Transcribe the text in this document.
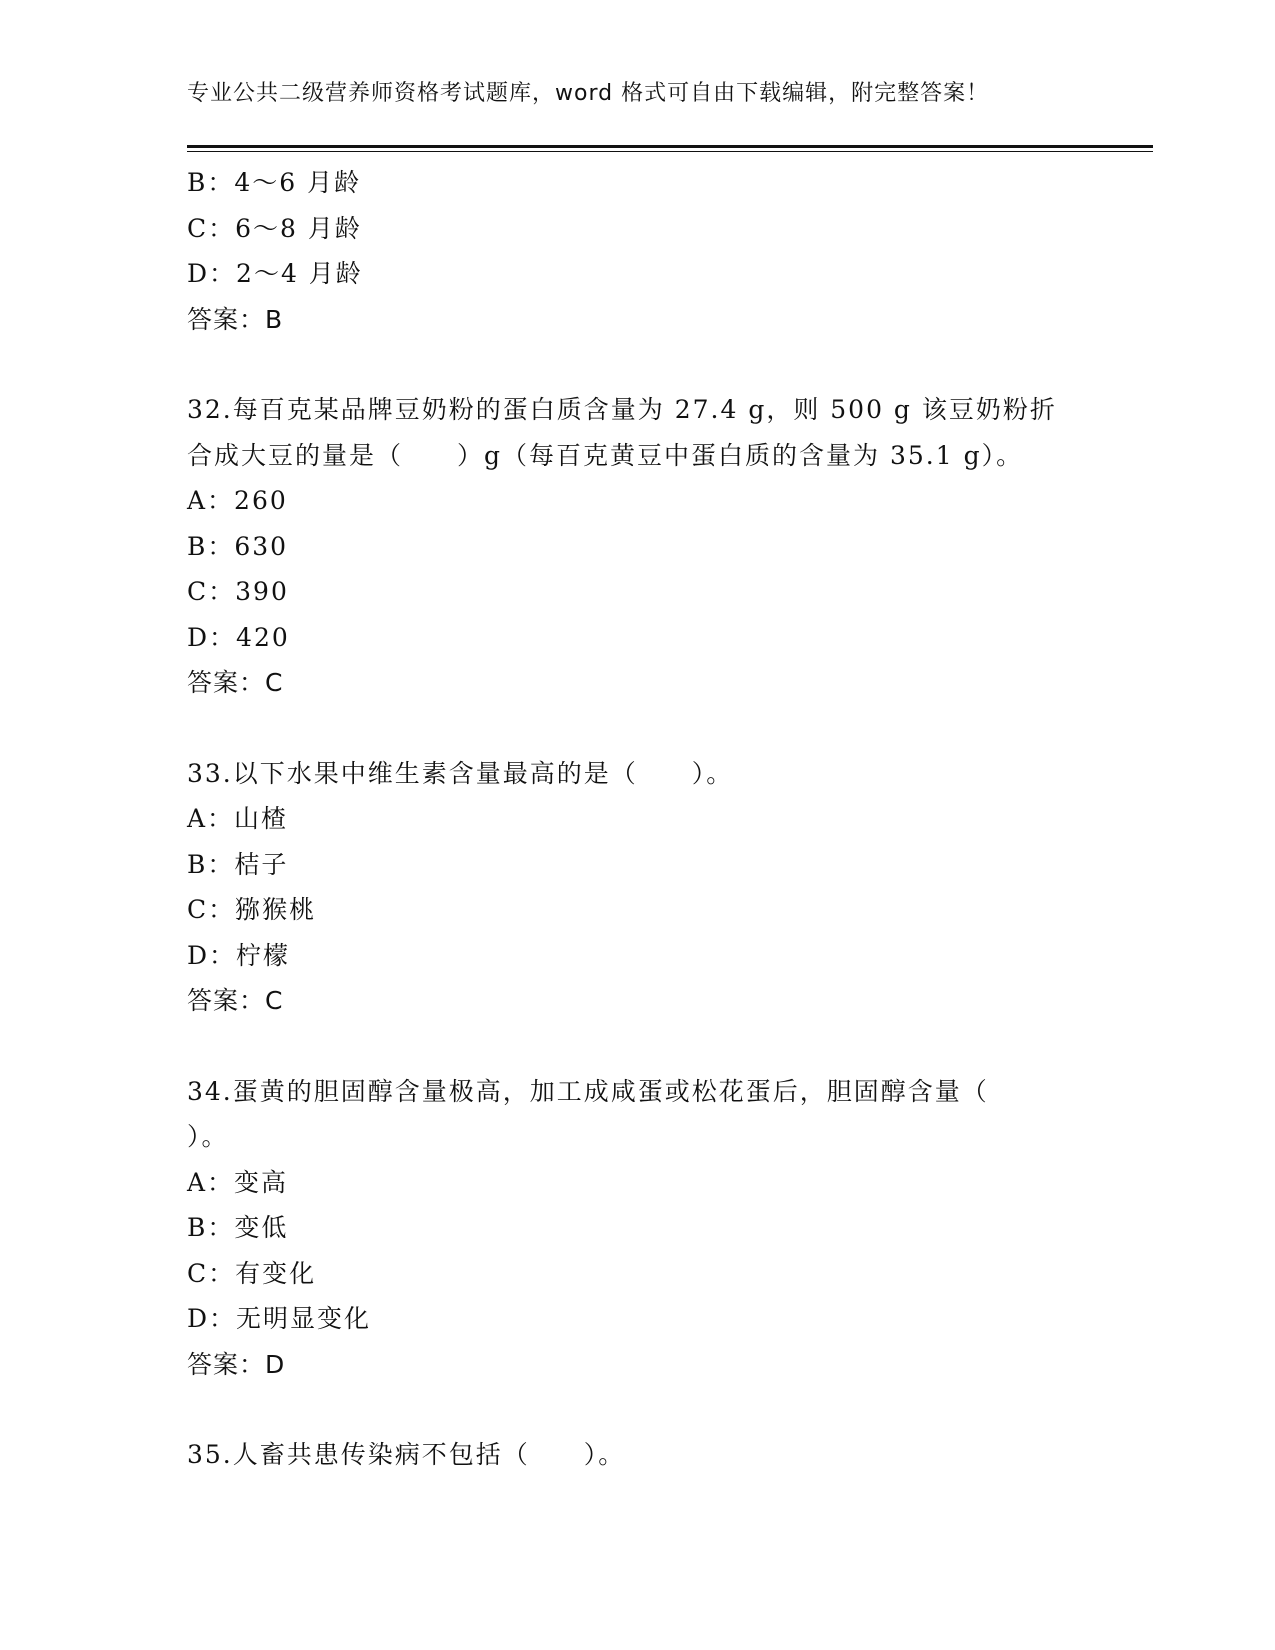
专业公共二级营养师资格考试题库，word 格式可自由下载编辑，附完整答案！
B：4～6 月龄
C：6～8 月龄
D：2～4 月龄
答案：B
32.每百克某品牌豆奶粉的蛋白质含量为 27.4 g，则 500 g 该豆奶粉折
合成大豆的量是（　　）g（每百克黄豆中蛋白质的含量为 35.1 g）。
A：260
B：630
C：390
D：420
答案：C
33.以下水果中维生素含量最高的是（　　）。
A：山楂
B：桔子
C：猕猴桃
D：柠檬
答案：C
34.蛋黄的胆固醇含量极高，加工成咸蛋或松花蛋后，胆固醇含量（
）。
A：变高
B：变低
C：有变化
D：无明显变化
答案：D
35.人畜共患传染病不包括（　　）。
